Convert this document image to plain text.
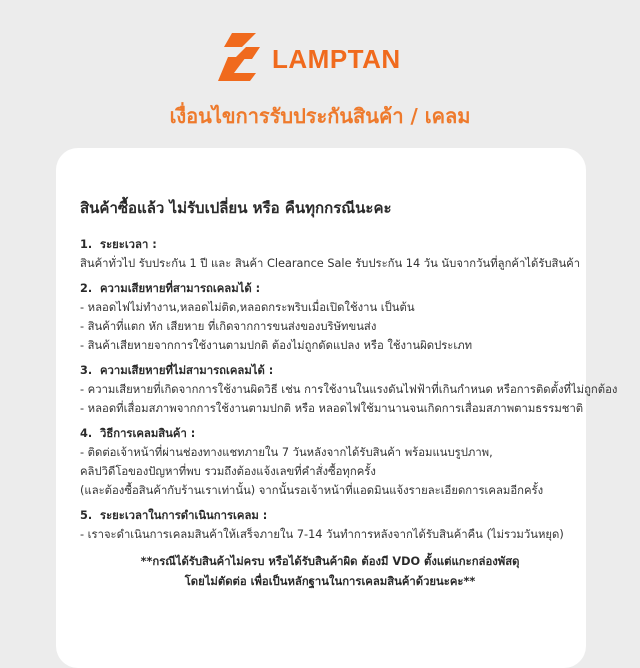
LAMPTAN
เงื่อนไขการรับประกันสินค้า / เคลม
สินค้าซื้อแล้ว ไม่รับเปลี่ยน หรือ คืนทุกกรณีนะคะ
1. ระยะเวลา :
สินค้าทั่วไป รับประกัน 1 ปี และ สินค้า Clearance Sale รับประกัน 14 วัน นับจากวันที่ลูกค้าได้รับสินค้า
2. ความเสียหายที่สามารถเคลมได้ :
- หลอดไฟไม่ทำงาน,หลอดไม่ติด,หลอดกระพริบเมื่อเปิดใช้งาน เป็นต้น
- สินค้าที่แตก หัก เสียหาย ที่เกิดจากการขนส่งของบริษัทขนส่ง
- สินค้าเสียหายจากการใช้งานตามปกติ ต้องไม่ถูกดัดแปลง หรือ ใช้งานผิดประเภท
3. ความเสียหายที่ไม่สามารถเคลมได้ :
- ความเสียหายที่เกิดจากการใช้งานผิดวิธี เช่น การใช้งานในแรงดันไฟฟ้าที่เกินกำหนด หรือการติดตั้งที่ไม่ถูกต้อง
- หลอดที่เสื่อมสภาพจากการใช้งานตามปกติ หรือ หลอดไฟใช้มานานจนเกิดการเสื่อมสภาพตามธรรมชาติ
4. วิธีการเคลมสินค้า :
- ติดต่อเจ้าหน้าที่ผ่านช่องทางแชทภายใน 7 วันหลังจากได้รับสินค้า พร้อมแนบรูปภาพ,
คลิปวิดีโอของปัญหาที่พบ รวมถึงต้องแจ้งเลขที่คำสั่งซื้อทุกครั้ง
(และต้องซื้อสินค้ากับร้านเราเท่านั้น) จากนั้นรอเจ้าหน้าที่แอดมินแจ้งรายละเอียดการเคลมอีกครั้ง
5. ระยะเวลาในการดำเนินการเคลม :
- เราจะดำเนินการเคลมสินค้าให้เสร็จภายใน 7-14 วันทำการหลังจากได้รับสินค้าคืน (ไม่รวมวันหยุด)
**กรณีได้รับสินค้าไม่ครบ หรือได้รับสินค้าผิด ต้องมี VDO ตั้งแต่แกะกล่องพัสดุ
โดยไม่ตัดต่อ เพื่อเป็นหลักฐานในการเคลมสินค้าด้วยนะคะ**
